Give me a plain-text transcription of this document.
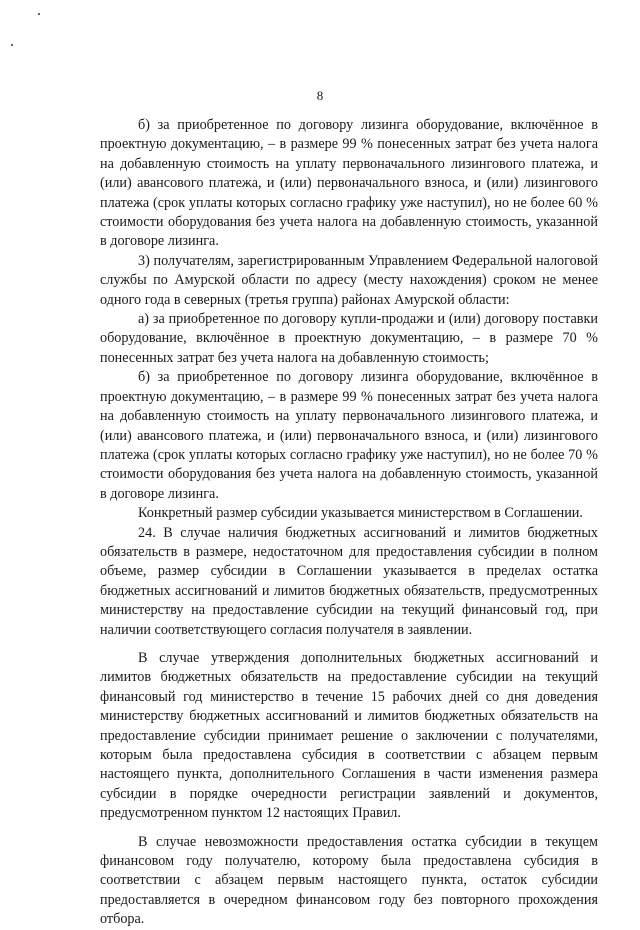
8

б) за приобретенное по договору лизинга оборудование, включённое в проектную документацию, – в размере 99 % понесенных затрат без учета налога на добавленную стоимость на уплату первоначального лизингового платежа, и (или) авансового платежа, и (или) первоначального взноса, и (или) лизингового платежа (срок уплаты которых согласно графику уже наступил), но не более 60 % стоимости оборудования без учета налога на добавленную стоимость, указанной в договоре лизинга.

3) получателям, зарегистрированным Управлением Федеральной налоговой службы по Амурской области по адресу (месту нахождения) сроком не менее одного года в северных (третья группа) районах Амурской области:

а) за приобретенное по договору купли-продажи и (или) договору поставки оборудование, включённое в проектную документацию, – в размере 70 % понесенных затрат без учета налога на добавленную стоимость;

б) за приобретенное по договору лизинга оборудование, включённое в проектную документацию, – в размере 99 % понесенных затрат без учета налога на добавленную стоимость на уплату первоначального лизингового платежа, и (или) авансового платежа, и (или) первоначального взноса, и (или) лизингового платежа (срок уплаты которых согласно графику уже наступил), но не более 70 % стоимости оборудования без учета налога на добавленную стоимость, указанной в договоре лизинга.

Конкретный размер субсидии указывается министерством в Соглашении.

24. В случае наличия бюджетных ассигнований и лимитов бюджетных обязательств в размере, недостаточном для предоставления субсидии в полном объеме, размер субсидии в Соглашении указывается в пределах остатка бюджетных ассигнований и лимитов бюджетных обязательств, предусмотренных министерству на предоставление субсидии на текущий финансовый год, при наличии соответствующего согласия получателя в заявлении.

В случае утверждения дополнительных бюджетных ассигнований и лимитов бюджетных обязательств на предоставление субсидии на текущий финансовый год министерство в течение 15 рабочих дней со дня доведения министерству бюджетных ассигнований и лимитов бюджетных обязательств на предоставление субсидии принимает решение о заключении с получателями, которым была предоставлена субсидия в соответствии с абзацем первым настоящего пункта, дополнительного Соглашения в части изменения размера субсидии в порядке очередности регистрации заявлений и документов, предусмотренном пунктом 12 настоящих Правил.

В случае невозможности предоставления остатка субсидии в текущем финансовом году получателю, которому была предоставлена субсидия в соответствии с абзацем первым настоящего пункта, остаток субсидии предоставляется в очередном финансовом году без повторного прохождения отбора.
